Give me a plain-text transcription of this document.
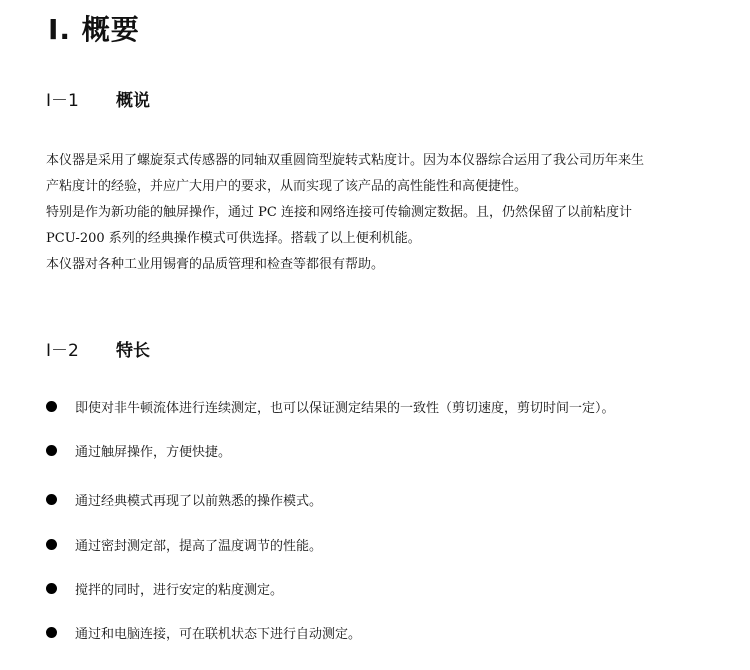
Ⅰ. 概要
Ⅰ－1 概说
本仪器是采用了螺旋泵式传感器的同轴双重圆筒型旋转式粘度计。因为本仪器综合运用了我公司历年来生
产粘度计的经验，并应广大用户的要求，从而实现了该产品的高性能性和高便捷性。
特别是作为新功能的触屏操作，通过 PC 连接和网络连接可传输测定数据。且，仍然保留了以前粘度计
PCU-200 系列的经典操作模式可供选择。搭载了以上便利机能。
本仪器对各种工业用锡膏的品质管理和检查等都很有帮助。
Ⅰ－2 特长
即使对非牛顿流体进行连续测定，也可以保证测定结果的一致性（剪切速度，剪切时间一定）。
通过触屏操作，方便快捷。
通过经典模式再现了以前熟悉的操作模式。
通过密封测定部，提高了温度调节的性能。
搅拌的同时，进行安定的粘度测定。
通过和电脑连接，可在联机状态下进行自动测定。
